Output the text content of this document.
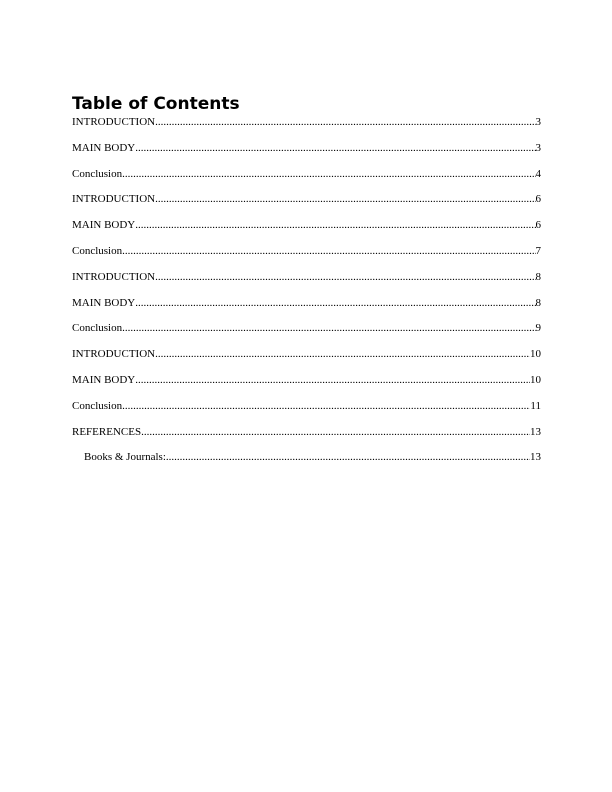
Table of Contents
INTRODUCTION .....	3
MAIN BODY .....	3
Conclusion .....	4
INTRODUCTION .....	6
MAIN BODY .....	6
Conclusion .....	7
INTRODUCTION .....	8
MAIN BODY .....	8
Conclusion .....	9
INTRODUCTION .....	10
MAIN BODY .....	10
Conclusion .....	11
REFERENCES .....	13
Books & Journals: .....	13
